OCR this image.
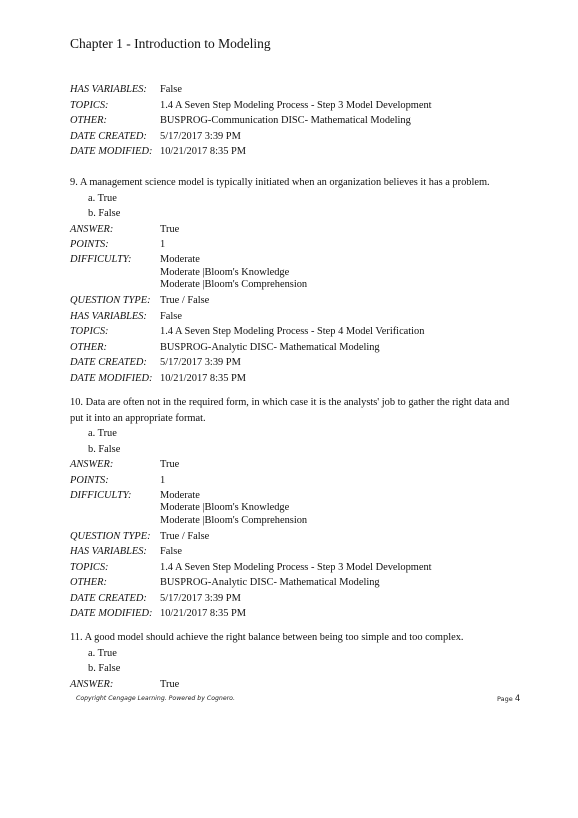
Chapter 1 - Introduction to Modeling
HAS VARIABLES:	False
TOPICS:	1.4 A Seven Step Modeling Process - Step 3 Model Development
OTHER:	BUSPROG-Communication DISC- Mathematical Modeling
DATE CREATED:	5/17/2017 3:39 PM
DATE MODIFIED: 10/21/2017 8:35 PM
9. A management science model is typically initiated when an organization believes it has a problem.
a. True
b. False
ANSWER:	True
POINTS:	1
DIFFICULTY:	Moderate
Moderate |Bloom's Knowledge
Moderate |Bloom's Comprehension
QUESTION TYPE: True / False
HAS VARIABLES:	False
TOPICS:	1.4 A Seven Step Modeling Process - Step 4 Model Verification
OTHER:	BUSPROG-Analytic DISC- Mathematical Modeling
DATE CREATED:	5/17/2017 3:39 PM
DATE MODIFIED: 10/21/2017 8:35 PM
10. Data are often not in the required form, in which case it is the analysts' job to gather the right data and
put it into an appropriate format.
a. True
b. False
ANSWER:	True
POINTS:	1
DIFFICULTY:	Moderate
Moderate |Bloom's Knowledge
Moderate |Bloom's Comprehension
QUESTION TYPE: True / False
HAS VARIABLES:	False
TOPICS:	1.4 A Seven Step Modeling Process - Step 3 Model Development
OTHER:	BUSPROG-Analytic DISC- Mathematical Modeling
DATE CREATED:	5/17/2017 3:39 PM
DATE MODIFIED: 10/21/2017 8:35 PM
11. A good model should achieve the right balance between being too simple and too complex.
a. True
b. False
ANSWER:	True
Copyright Cengage Learning. Powered by Cognero.	Page 4
